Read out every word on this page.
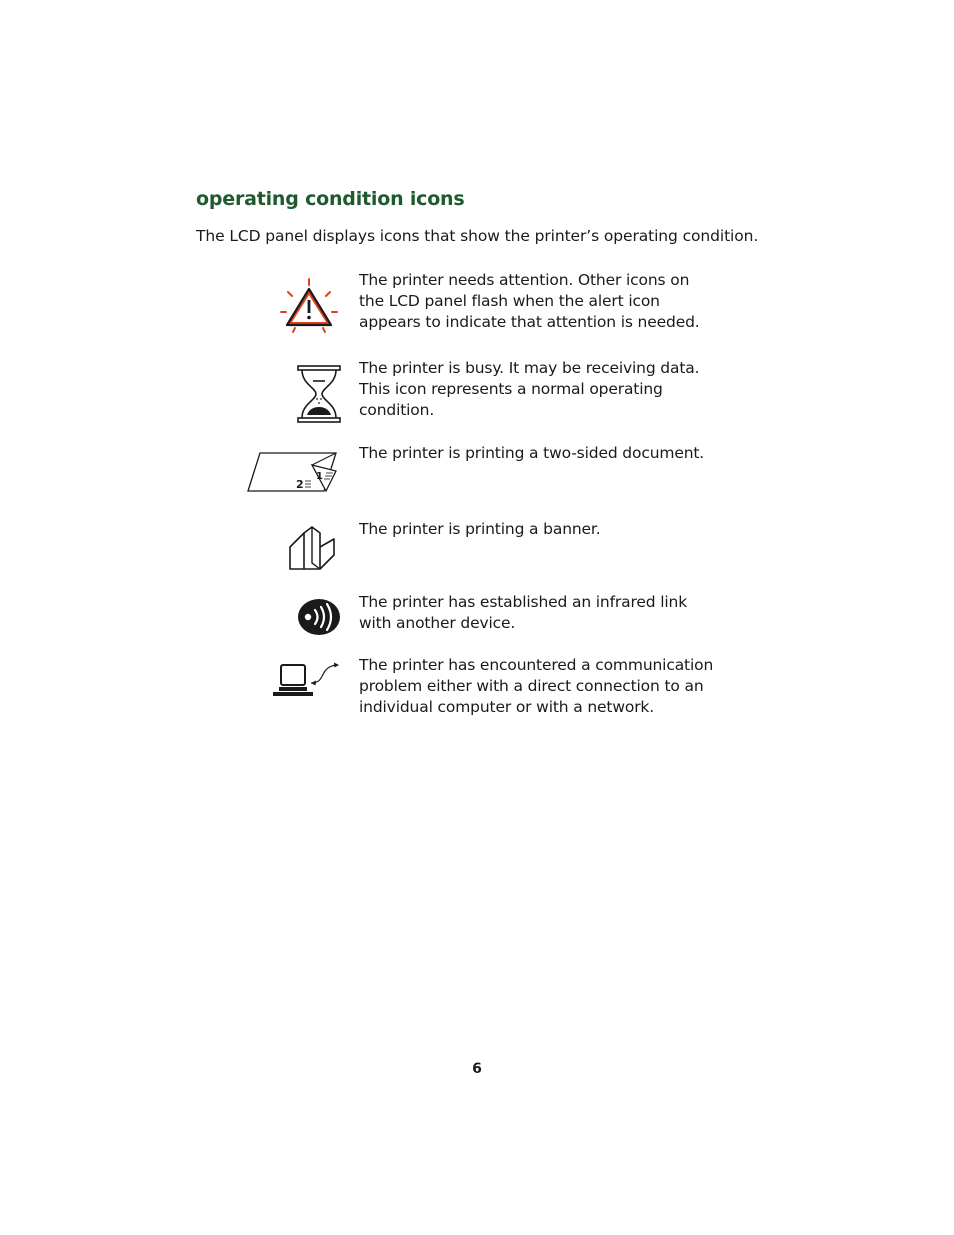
operating condition icons

The LCD panel displays icons that show the printer’s operating condition.

The printer needs attention. Other icons on
the LCD panel flash when the alert icon
appears to indicate that attention is needed.

The printer is busy. It may be receiving data.
This icon represents a normal operating
condition.

2
1

The printer is printing a two-sided document.

The printer is printing a banner.

The printer has established an infrared link
with another device.

The printer has encountered a communication
problem either with a direct connection to an
individual computer or with a network.

6
